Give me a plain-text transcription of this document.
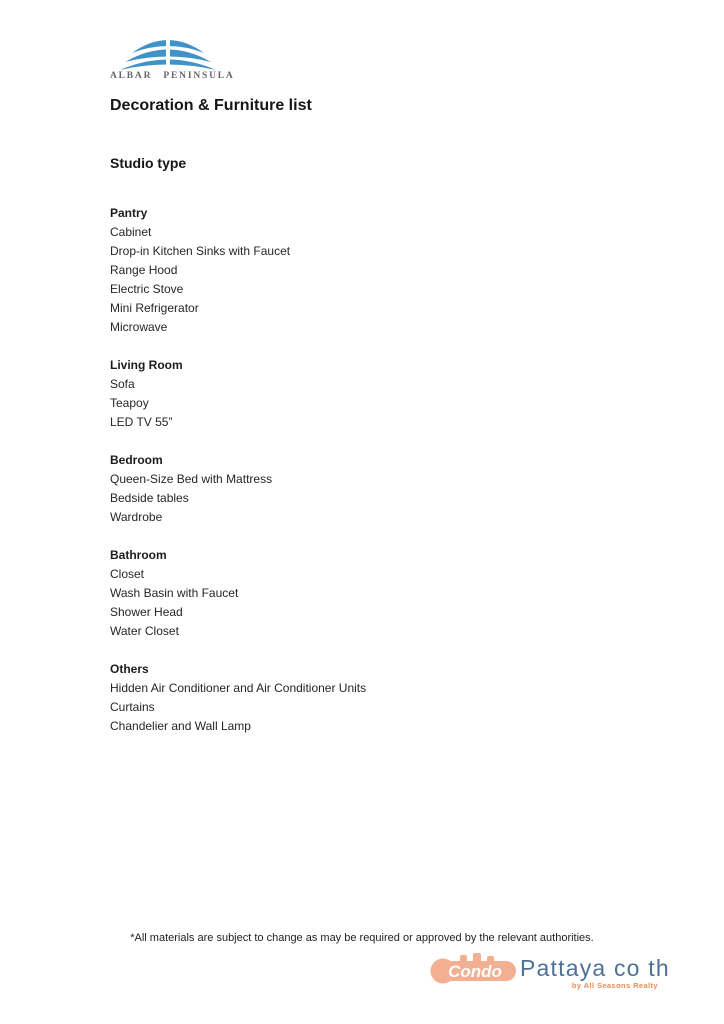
ALBAR PENINSULA
Decoration & Furniture list
Studio type
Pantry

Cabinet

Drop-in Kitchen Sinks with Faucet

Range Hood

Electric Stove

Mini Refrigerator

Microwave

Living Room

Sofa

Teapoy

LED TV 55”

Bedroom

Queen-Size Bed with Mattress

Bedside tables

Wardrobe

Bathroom

Closet

Wash Basin with Faucet

Shower Head

Water Closet

Others

Hidden Air Conditioner and Air Conditioner Units

Curtains

Chandelier and Wall Lamp

*All materials are subject to change as may be required or approved by the relevant authorities.

Condo Pattaya co th
by All Seasons Realty
